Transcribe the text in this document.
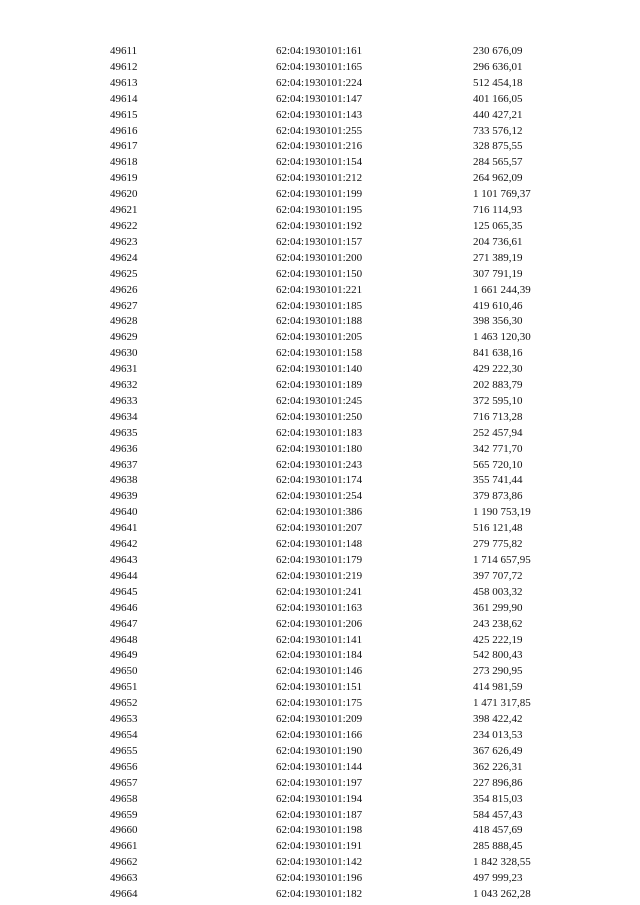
49611	62:04:1930101:161	230 676,09
49612	62:04:1930101:165	296 636,01
49613	62:04:1930101:224	512 454,18
49614	62:04:1930101:147	401 166,05
49615	62:04:1930101:143	440 427,21
49616	62:04:1930101:255	733 576,12
49617	62:04:1930101:216	328 875,55
49618	62:04:1930101:154	284 565,57
49619	62:04:1930101:212	264 962,09
49620	62:04:1930101:199	1 101 769,37
49621	62:04:1930101:195	716 114,93
49622	62:04:1930101:192	125 065,35
49623	62:04:1930101:157	204 736,61
49624	62:04:1930101:200	271 389,19
49625	62:04:1930101:150	307 791,19
49626	62:04:1930101:221	1 661 244,39
49627	62:04:1930101:185	419 610,46
49628	62:04:1930101:188	398 356,30
49629	62:04:1930101:205	1 463 120,30
49630	62:04:1930101:158	841 638,16
49631	62:04:1930101:140	429 222,30
49632	62:04:1930101:189	202 883,79
49633	62:04:1930101:245	372 595,10
49634	62:04:1930101:250	716 713,28
49635	62:04:1930101:183	252 457,94
49636	62:04:1930101:180	342 771,70
49637	62:04:1930101:243	565 720,10
49638	62:04:1930101:174	355 741,44
49639	62:04:1930101:254	379 873,86
49640	62:04:1930101:386	1 190 753,19
49641	62:04:1930101:207	516 121,48
49642	62:04:1930101:148	279 775,82
49643	62:04:1930101:179	1 714 657,95
49644	62:04:1930101:219	397 707,72
49645	62:04:1930101:241	458 003,32
49646	62:04:1930101:163	361 299,90
49647	62:04:1930101:206	243 238,62
49648	62:04:1930101:141	425 222,19
49649	62:04:1930101:184	542 800,43
49650	62:04:1930101:146	273 290,95
49651	62:04:1930101:151	414 981,59
49652	62:04:1930101:175	1 471 317,85
49653	62:04:1930101:209	398 422,42
49654	62:04:1930101:166	234 013,53
49655	62:04:1930101:190	367 626,49
49656	62:04:1930101:144	362 226,31
49657	62:04:1930101:197	227 896,86
49658	62:04:1930101:194	354 815,03
49659	62:04:1930101:187	584 457,43
49660	62:04:1930101:198	418 457,69
49661	62:04:1930101:191	285 888,45
49662	62:04:1930101:142	1 842 328,55
49663	62:04:1930101:196	497 999,23
49664	62:04:1930101:182	1 043 262,28
